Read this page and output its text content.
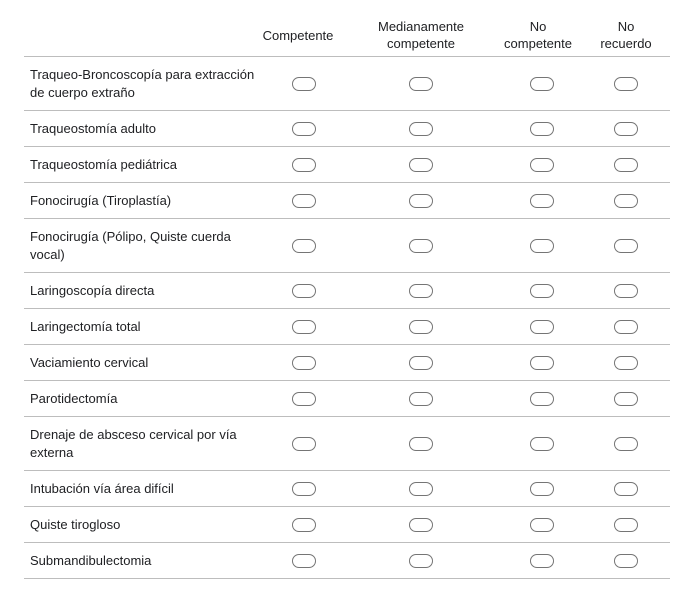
Competente
Medianamente
competente
No
competente
No
recuerdo
Traqueo-Broncoscopía para extracción de cuerpo extraño
Traqueostomía adulto
Traqueostomía pediátrica
Fonocirugía (Tiroplastía)
Fonocirugía (Pólipo, Quiste cuerda vocal)
Laringoscopía directa
Laringectomía total
Vaciamiento cervical
Parotidectomía
Drenaje de absceso cervical por vía externa
Intubación vía área difícil
Quiste tirogloso
Submandibulectomia
